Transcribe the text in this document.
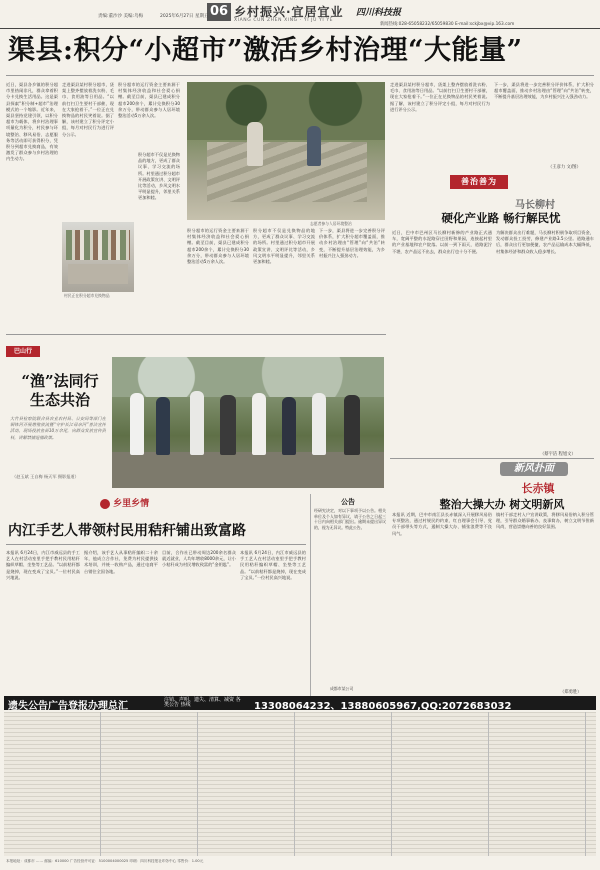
06 乡村振兴·宜居宜业
XIANG CUN ZHEN XING · YI JU YI YE
四川科技报
责编:董沙沙 美编:乌梅	2025年6月27日 星期五
新闻热线:028-65058232/65059830 E-mail:sckjbx@vip.163.com
渠县:积分“小超市”激活乡村治理“大能量”
近日，渠县各乡镇的积分超市里热闹非凡，群众拿着积分卡兑换生活用品。这是渠县探索“积分制+超市”治理模式的一个缩影。近年来，渠县坚持党建引领，以积分超市为载体，将乡村治理事项量化为积分，村民参与环境整治、移风易俗、志愿服务等活动即可获得积分，凭积分到超市兑换商品，有效激发了群众参与乡村治理的内生动力。
走进渠县某村积分超市，货架上整齐摆放着洗衣粉、毛巾、食用油等日用品。“以前打扫卫生要村干部催，现在大家抢着干。”一位正在兑换物品的村民笑着说。据了解，该村建立了积分评定小组，每月对村民行为进行评分公示。
积分超市的运行资金主要来源于村集体经济收益和社会爱心捐赠。截至目前，渠县已建成积分超市200余个，累计兑换积分30余万分，带动群众参与人居环境整治活动5万余人次。
村民正在积分超市兑换物品
积分超市不仅是兑换物品的地方，更成了群众议事、学习交流的场所。村里通过积分超市开展政策宣讲、文明评比等活动，乡风文明水平明显提升，邻里关系更加和睦。
志愿者参与人居环境整治
积分超市的运行资金主要来源于村集体经济收益和社会爱心捐赠。截至目前，渠县已建成积分超市200余个，累计兑换积分30余万分，带动群众参与人居环境整治活动5万余人次。
积分超市不仅是兑换物品的地方，更成了群众议事、学习交流的场所。村里通过积分超市开展政策宣讲、文明评比等活动，乡风文明水平明显提升，邻里关系更加和睦。
下一步，渠县将进一步完善积分评价体系，扩大积分超市覆盖面，推动乡村治理由“管理”向“共治”转变，不断提升基层治理效能，为乡村振兴注入强劲动力。
走进渠县某村积分超市，货架上整齐摆放着洗衣粉、毛巾、食用油等日用品。“以前打扫卫生要村干部催，现在大家抢着干。”一位正在兑换物品的村民笑着说。据了解，该村建立了积分评定小组，每月对村民行为进行评分公示。
下一步，渠县将进一步完善积分评价体系，扩大积分超市覆盖面，推动乡村治理由“管理”向“共治”转变，不断提升基层治理效能，为乡村振兴注入强劲动力。
（王彦力 文/图）
巴山行
“渔”法同行 生态共治
大竹县检察院联合县农业农村局、公安局等部门在铜钵河开展增殖放流暨“守护长江母亲河”普法宣传活动，现场投放鱼苗10万余尾，向群众发放宣传资料，讲解禁捕退捕政策。
（赵玉斌 王自梅 杨天军 摄影报道）
乡里乡情
内江手艺人带领村民用秸秆铺出致富路
本报讯 6月24日，内江市威远县的手工艺人在村活动室里手把手教村民用秸秆编织草帽、坐垫等工艺品。“以前秸秆都是烧掉，现在变成了宝贝。”一位村民高兴地说。
据介绍，该手艺人从事秸秆编织二十余年，他成立合作社，免费为村民提供技术培训，并统一收购产品，通过电商平台销往全国各地。
目前，合作社已带动周边200余名群众就近就业，人均年增收8000余元，让小小秸秆成为村民增收致富的“金钥匙”。
本报讯 6月24日，内江市威远县的手工艺人在村活动室里手把手教村民用秸秆编织草帽、坐垫等工艺品。“以前秸秆都是烧掉，现在变成了宝贝。”一位村民高兴地说。
公告
经研究决定，对以下事项予以公告。相关单位及个人如有异议，请于公告之日起三十日内向相关部门提出。逾期未提出异议的，视为无异议。特此公告。
成都市某公司
善治善为
马长柳村
硬化产业路 畅行解民忧
近日，巴中市巴州区马长柳村新修的产业路正式通车，宽阔平整的水泥路穿过田野和果园，连接起村里的产业基地和农户院落。以前一到下雨天，道路泥泞不堪，农产品运不出去，群众出行也十分不便。
为解决群众出行难题，马长柳村积极争取项目资金，发动群众投工投劳，修建产业路3.5公里。道路通车后，群众出行更加便捷，农产品运输成本大幅降低，村集体经济和群众收入稳步增长。
（蔡宇洁 程旭文）
新风扑面
长赤镇
整治大操大办 树文明新风
本报讯 近期，巴中市南江县长赤镇深入开展移风易俗专项整治，通过村规民约约束、红白理事会引导、党员干部带头等方式，遏制大操大办、铺张浪费等不良风气。
镇村干部走村入户宣讲政策，将移风易俗纳入积分管理，引导群众婚事新办、丧事简办，树立文明节俭新风尚，营造崇德向善的良好氛围。
（郑勇胜）
遗失公告广告登报办理总汇
注销、声明、遗失、清算、减资 各类公告 热线	13308064232、13880605967,QQ:2072683032
本报地址：成都市 …… 邮编：610000 广告经营许可证：5100004000025 印刷：四川科技报社印务中心 零售价：1.00元
